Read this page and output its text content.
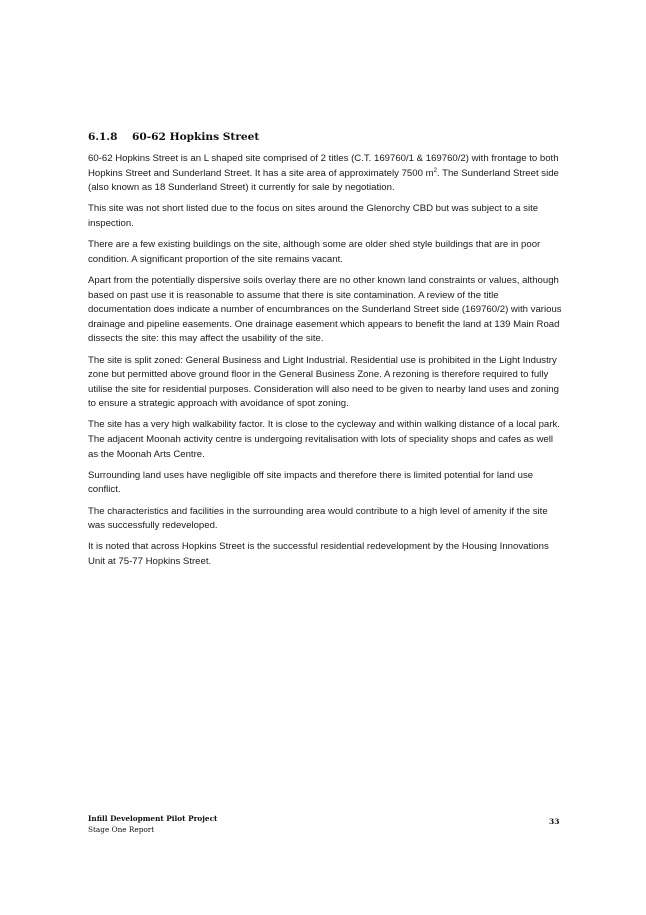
6.1.8 60-62 Hopkins Street

60-62 Hopkins Street is an L shaped site comprised of 2 titles (C.T. 169760/1 & 169760/2) with frontage to both Hopkins Street and Sunderland Street. It has a site area of approximately 7500 $m^2$. The Sunderland Street side (also known as 18 Sunderland Street) it currently for sale by negotiation.

This site was not short listed due to the focus on sites around the Glenorchy CBD but was subject to a site inspection.

There are a few existing buildings on the site, although some are older shed style buildings that are in poor condition. A significant proportion of the site remains vacant.

Apart from the potentially dispersive soils overlay there are no other known land constraints or values, although based on past use it is reasonable to assume that there is site contamination. A review of the title documentation does indicate a number of encumbrances on the Sunderland Street side (169760/2) with various drainage and pipeline easements. One drainage easement which appears to benefit the land at 139 Main Road dissects the site: this may affect the usability of the site.

The site is split zoned: General Business and Light Industrial. Residential use is prohibited in the Light Industry zone but permitted above ground floor in the General Business Zone. A rezoning is therefore required to fully utilise the site for residential purposes. Consideration will also need to be given to nearby land uses and zoning to ensure a strategic approach with avoidance of spot zoning.

The site has a very high walkability factor. It is close to the cycleway and within walking distance of a local park. The adjacent Moonah activity centre is undergoing revitalisation with lots of speciality shops and cafes as well as the Moonah Arts Centre.

Surrounding land uses have negligible off site impacts and therefore there is limited potential for land use conflict.

The characteristics and facilities in the surrounding area would contribute to a high level of amenity if the site was successfully redeveloped.

It is noted that across Hopkins Street is the successful residential redevelopment by the Housing Innovations Unit at 75-77 Hopkins Street.

Infill Development Pilot Project
Stage One Report
33
